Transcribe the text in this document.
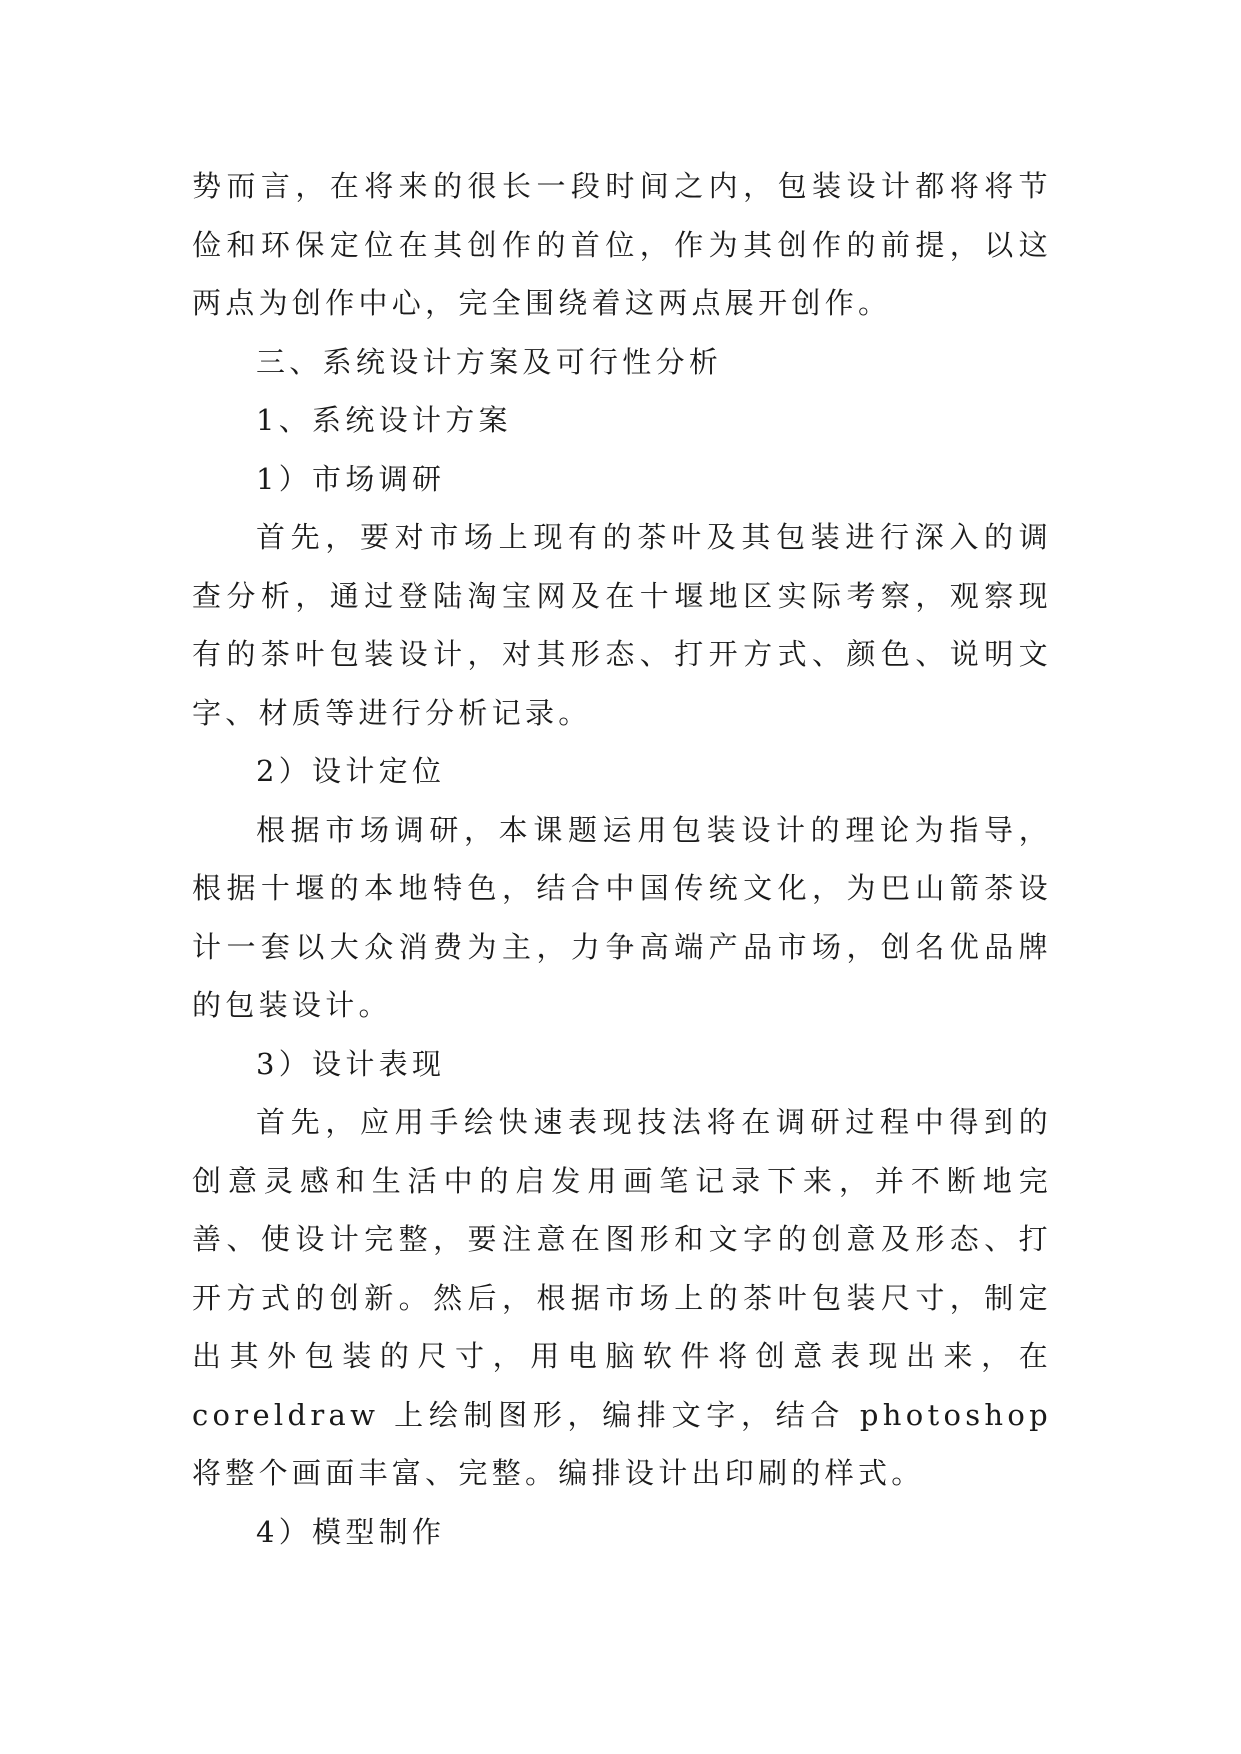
势而言，在将来的很长一段时间之内，包装设计都将将节俭和环保定位在其创作的首位，作为其创作的前提，以这两点为创作中心，完全围绕着这两点展开创作。

三、系统设计方案及可行性分析

1、系统设计方案

1）市场调研

首先，要对市场上现有的茶叶及其包装进行深入的调查分析，通过登陆淘宝网及在十堰地区实际考察，观察现有的茶叶包装设计，对其形态、打开方式、颜色、说明文字、材质等进行分析记录。

2）设计定位

根据市场调研，本课题运用包装设计的理论为指导，根据十堰的本地特色，结合中国传统文化，为巴山箭茶设计一套以大众消费为主，力争高端产品市场，创名优品牌的包装设计。

3）设计表现

首先，应用手绘快速表现技法将在调研过程中得到的创意灵感和生活中的启发用画笔记录下来，并不断地完善、使设计完整，要注意在图形和文字的创意及形态、打开方式的创新。然后，根据市场上的茶叶包装尺寸，制定出其外包装的尺寸，用电脑软件将创意表现出来，在 coreldraw 上绘制图形，编排文字，结合 photoshop 将整个画面丰富、完整。编排设计出印刷的样式。

4）模型制作
